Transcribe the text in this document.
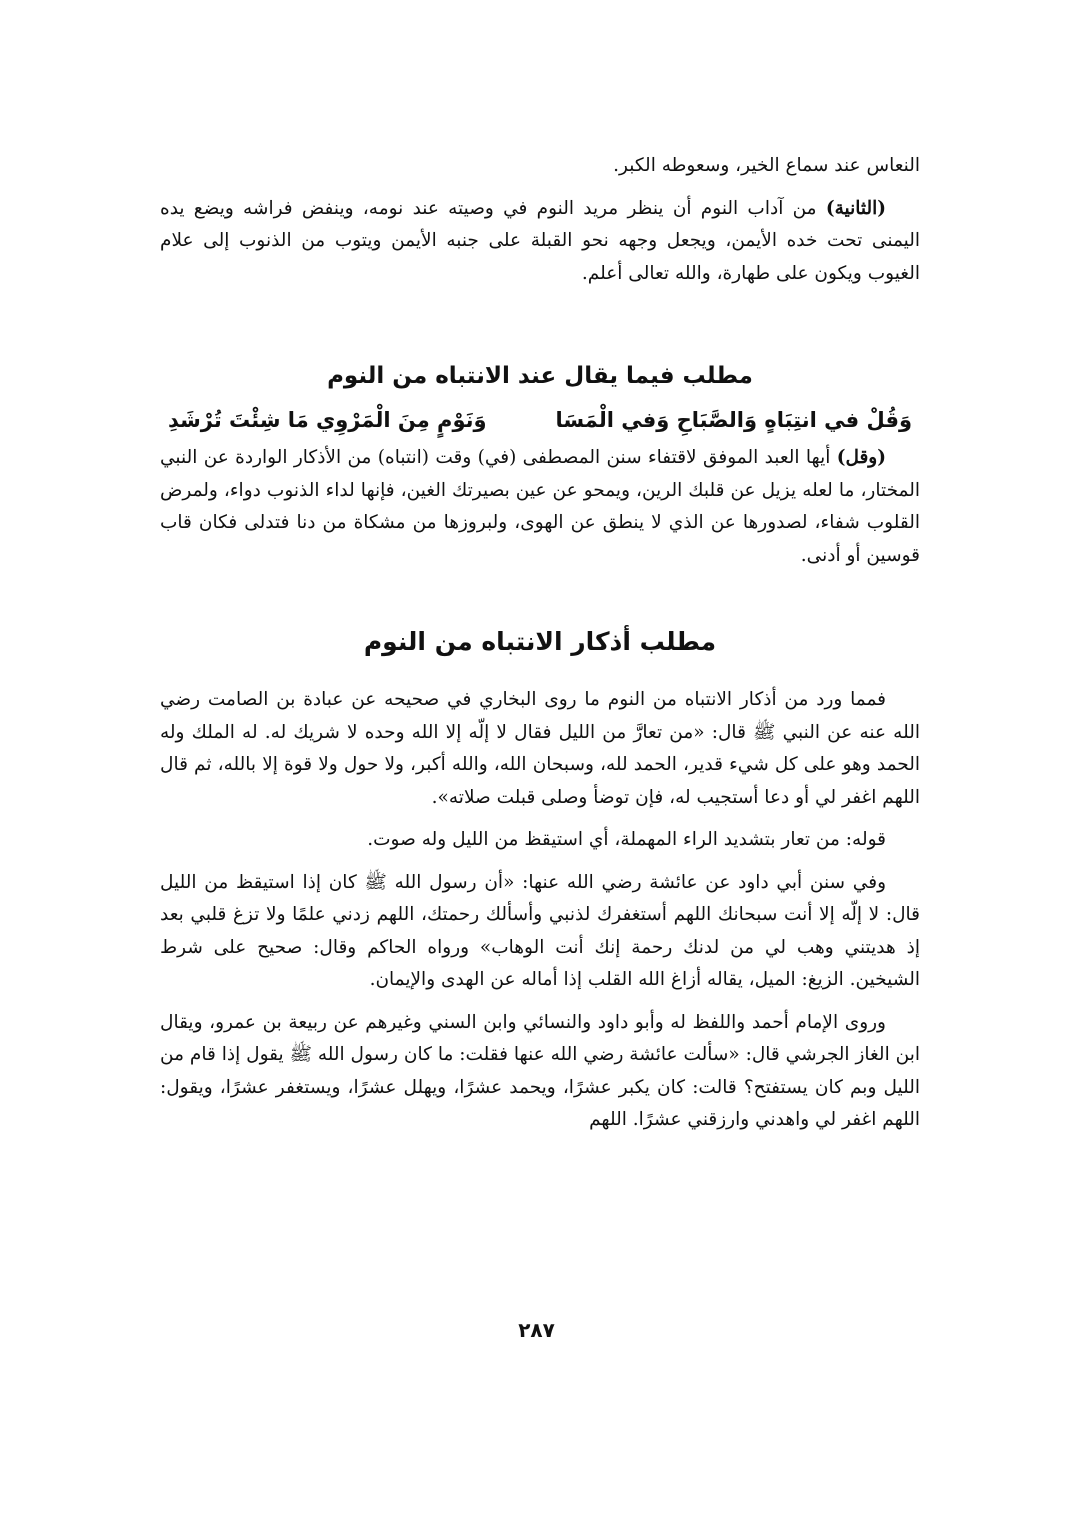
النعاس عند سماع الخير، وسعوطه الكبر.

(الثانية) من آداب النوم أن ينظر مريد النوم في وصيته عند نومه، وينفض فراشه ويضع يده اليمنى تحت خده الأيمن، ويجعل وجهه نحو القبلة على جنبه الأيمن ويتوب من الذنوب إلى علام الغيوب ويكون على طهارة، والله تعالى أعلم.

مطلب فيما يقال عند الانتباه من النوم
وَقُلْ في انتِبَاهٍ وَالصَّبَاحِ وَفي الْمَسَا
وَنَوْمٍ مِنَ الْمَرْوِي مَا شِئْتَ تُرْشَدِ

(وقل) أيها العبد الموفق لاقتفاء سنن المصطفى (في) وقت (انتباه) من الأذكار الواردة عن النبي المختار، ما لعله يزيل عن قلبك الرين، ويمحو عن عين بصيرتك الغين، فإنها لداء الذنوب دواء، ولمرض القلوب شفاء، لصدورها عن الذي لا ينطق عن الهوى، ولبروزها من مشكاة من دنا فتدلى فكان قاب قوسين أو أدنى.

مطلب أذكار الانتباه من النوم

فمما ورد من أذكار الانتباه من النوم ما روى البخاري في صحيحه عن عبادة بن الصامت رضي الله عنه عن النبي ﷺ قال: «من تعارَّ من الليل فقال لا إلّه إلا الله وحده لا شريك له. له الملك وله الحمد وهو على كل شيء قدير، الحمد لله، وسبحان الله، والله أكبر، ولا حول ولا قوة إلا بالله، ثم قال اللهم اغفر لي أو دعا أستجيب له، فإن توضأ وصلى قبلت صلاته».

قوله: من تعار بتشديد الراء المهملة، أي استيقظ من الليل وله صوت.

وفي سنن أبي داود عن عائشة رضي الله عنها: «أن رسول الله ﷺ كان إذا استيقظ من الليل قال: لا إلّه إلا أنت سبحانك اللهم أستغفرك لذنبي وأسألك رحمتك، اللهم زدني علمًا ولا تزغ قلبي بعد إذ هديتني وهب لي من لدنك رحمة إنك أنت الوهاب» ورواه الحاكم وقال: صحيح على شرط الشيخين. الزيغ: الميل، يقاله أزاغ الله القلب إذا أماله عن الهدى والإيمان.

وروى الإمام أحمد واللفظ له وأبو داود والنسائي وابن السني وغيرهم عن ربيعة بن عمرو، ويقال ابن الغاز الجرشي قال: «سألت عائشة رضي الله عنها فقلت: ما كان رسول الله ﷺ يقول إذا قام من الليل وبم كان يستفتح؟ قالت: كان يكبر عشرًا، ويحمد عشرًا، ويهلل عشرًا، ويستغفر عشرًا، ويقول: اللهم اغفر لي واهدني وارزقني عشرًا. اللهم

٢٨٧
